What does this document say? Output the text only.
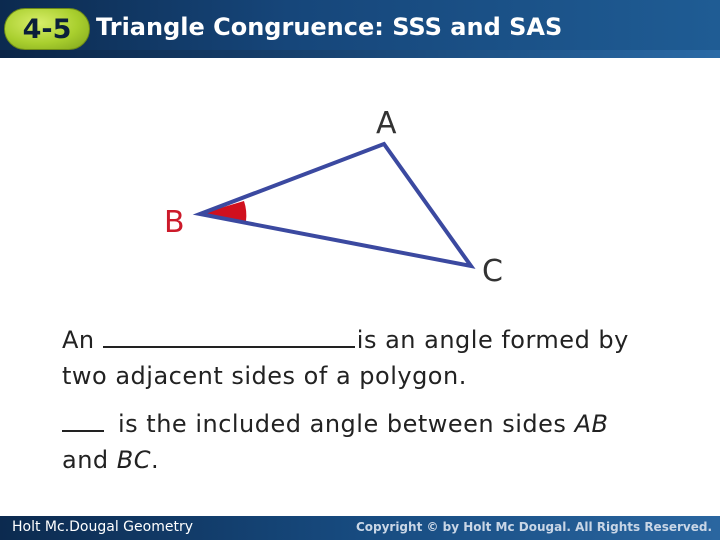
4-5 Triangle Congruence: SSS and SAS
A
B
C
An	is an angle formed by
two adjacent sides of a polygon.
is the included angle between sides AB
and BC.
Holt Mc.Dougal Geometry	Copyright © by Holt Mc Dougal. All Rights Reserved.
